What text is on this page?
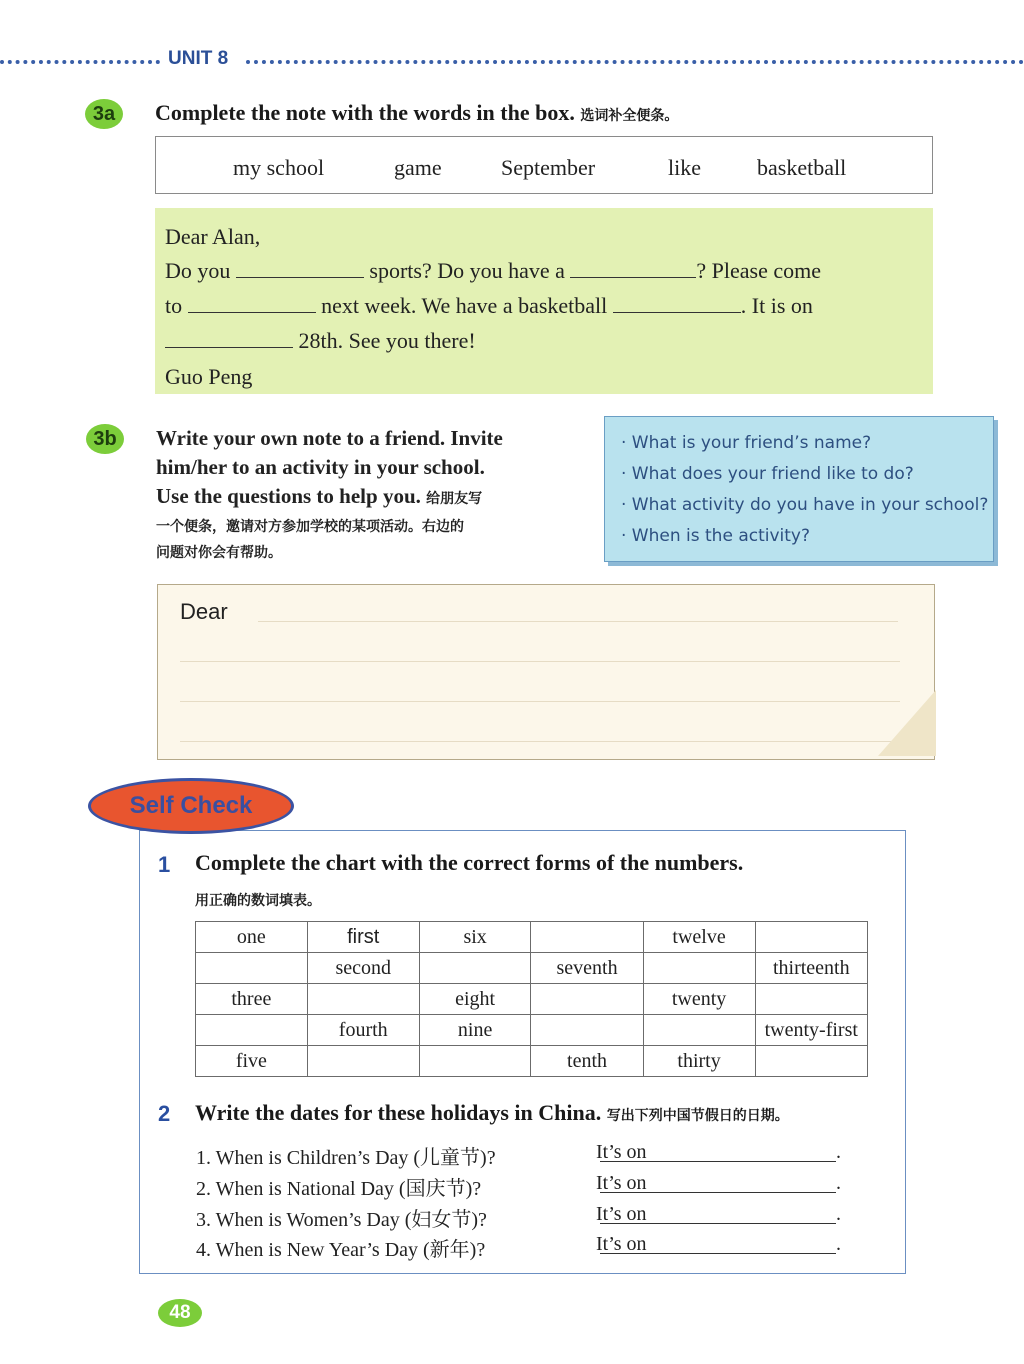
UNIT 8
3a	Complete the note with the words in the box. 选词补全便条。
my school	game	September	like	basketball
Dear Alan,
Do you	sports? Do you have a	? Please come
to	next week. We have a basketball	. It is on
28th. See you there!
Guo Peng
3b	Write your own note to a friend. Invite
him/her to an activity in your school.
Use the questions to help you. 给朋友写
一个便条，邀请对方参加学校的某项活动。右边的
问题对你会有帮助。
· What is your friend’s name?
· What does your friend like to do?
· What activity do you have in your school?
· When is the activity?
Dear
Self Check
1 Complete the chart with the correct forms of the numbers.
用正确的数词填表。
one	first	six		twelve	
	second		seventh		thirteenth
three		eight		twenty	
	fourth	nine			twenty-first
five			tenth	thirty	
2 Write the dates for these holidays in China. 写出下列中国节假日的日期。
1. When is Children’s Day (儿童节)?	It’s on	.
2. When is National Day (国庆节)?	It’s on	.
3. When is Women’s Day (妇女节)?	It’s on	.
4. When is New Year’s Day (新年)?	It’s on	.
48
